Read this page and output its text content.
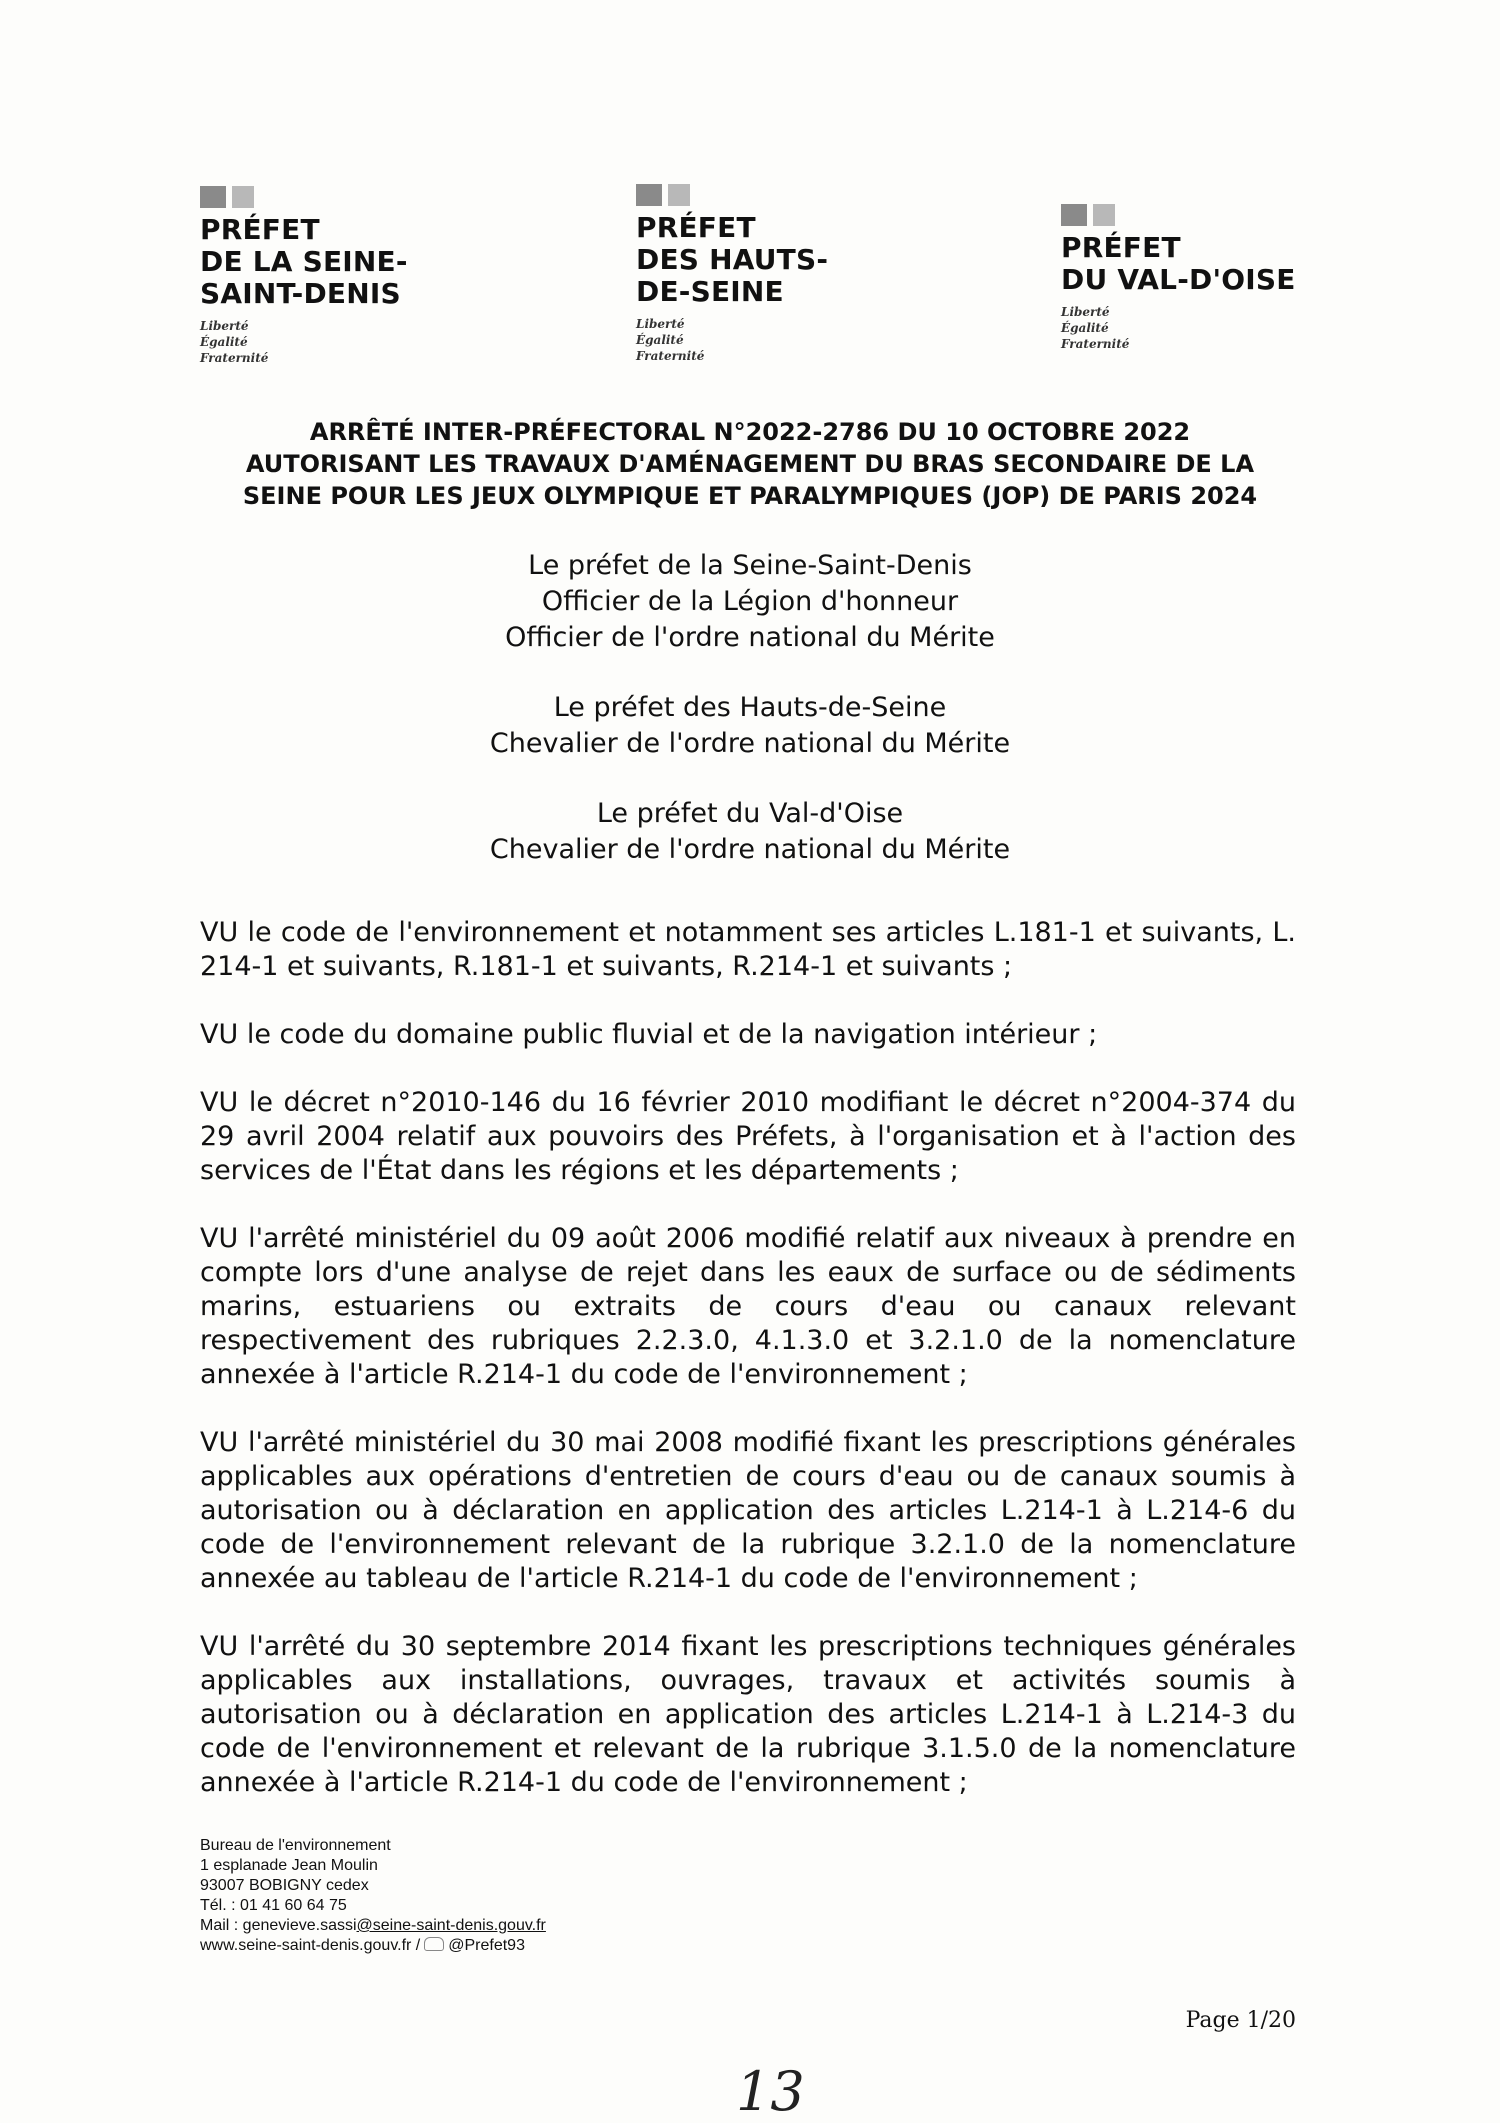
PRÉFET
DE LA SEINE-
SAINT-DENIS
Liberté
Égalité
Fraternité
PRÉFET
DES HAUTS-
DE-SEINE
Liberté
Égalité
Fraternité
PRÉFET
DU VAL-D'OISE
Liberté
Égalité
Fraternité
ARRÊTÉ INTER-PRÉFECTORAL N°2022-2786 DU 10 OCTOBRE 2022
AUTORISANT LES TRAVAUX D'AMÉNAGEMENT DU BRAS SECONDAIRE DE LA
SEINE POUR LES JEUX OLYMPIQUE ET PARALYMPIQUES (JOP) DE PARIS 2024
Le préfet de la Seine-Saint-Denis
Officier de la Légion d'honneur
Officier de l'ordre national du Mérite
Le préfet des Hauts-de-Seine
Chevalier de l'ordre national du Mérite
Le préfet du Val-d'Oise
Chevalier de l'ordre national du Mérite

VU le code de l'environnement et notamment ses articles L.181-1 et suivants, L. 214-1 et suivants, R.181-1 et suivants, R.214-1 et suivants ;

VU le code du domaine public fluvial et de la navigation intérieur ;

VU le décret n°2010-146 du 16 février 2010 modifiant le décret n°2004-374 du 29 avril 2004 relatif aux pouvoirs des Préfets, à l'organisation et à l'action des services de l'État dans les régions et les départements ;

VU l'arrêté ministériel du 09 août 2006 modifié relatif aux niveaux à prendre en compte lors d'une analyse de rejet dans les eaux de surface ou de sédiments marins, estuariens ou extraits de cours d'eau ou canaux relevant respectivement des rubriques 2.2.3.0, 4.1.3.0 et 3.2.1.0 de la nomenclature annexée à l'article R.214-1 du code de l'environnement ;

VU l'arrêté ministériel du 30 mai 2008 modifié fixant les prescriptions générales applicables aux opérations d'entretien de cours d'eau ou de canaux soumis à autorisation ou à déclaration en application des articles L.214-1 à L.214-6 du code de l'environnement relevant de la rubrique 3.2.1.0 de la nomenclature annexée au tableau de l'article R.214-1 du code de l'environnement ;

VU l'arrêté du 30 septembre 2014 fixant les prescriptions techniques générales applicables aux installations, ouvrages, travaux et activités soumis à autorisation ou à déclaration en application des articles L.214-1 à L.214-3 du code de l'environnement et relevant de la rubrique 3.1.5.0 de la nomenclature annexée à l'article R.214-1 du code de l'environnement ;

Bureau de l'environnement
1 esplanade Jean Moulin
93007 BOBIGNY cedex
Tél. : 01 41 60 64 75
Mail : genevieve.sassi@seine-saint-denis.gouv.fr
www.seine-saint-denis.gouv.fr / @Prefet93
Page 1/20
13
